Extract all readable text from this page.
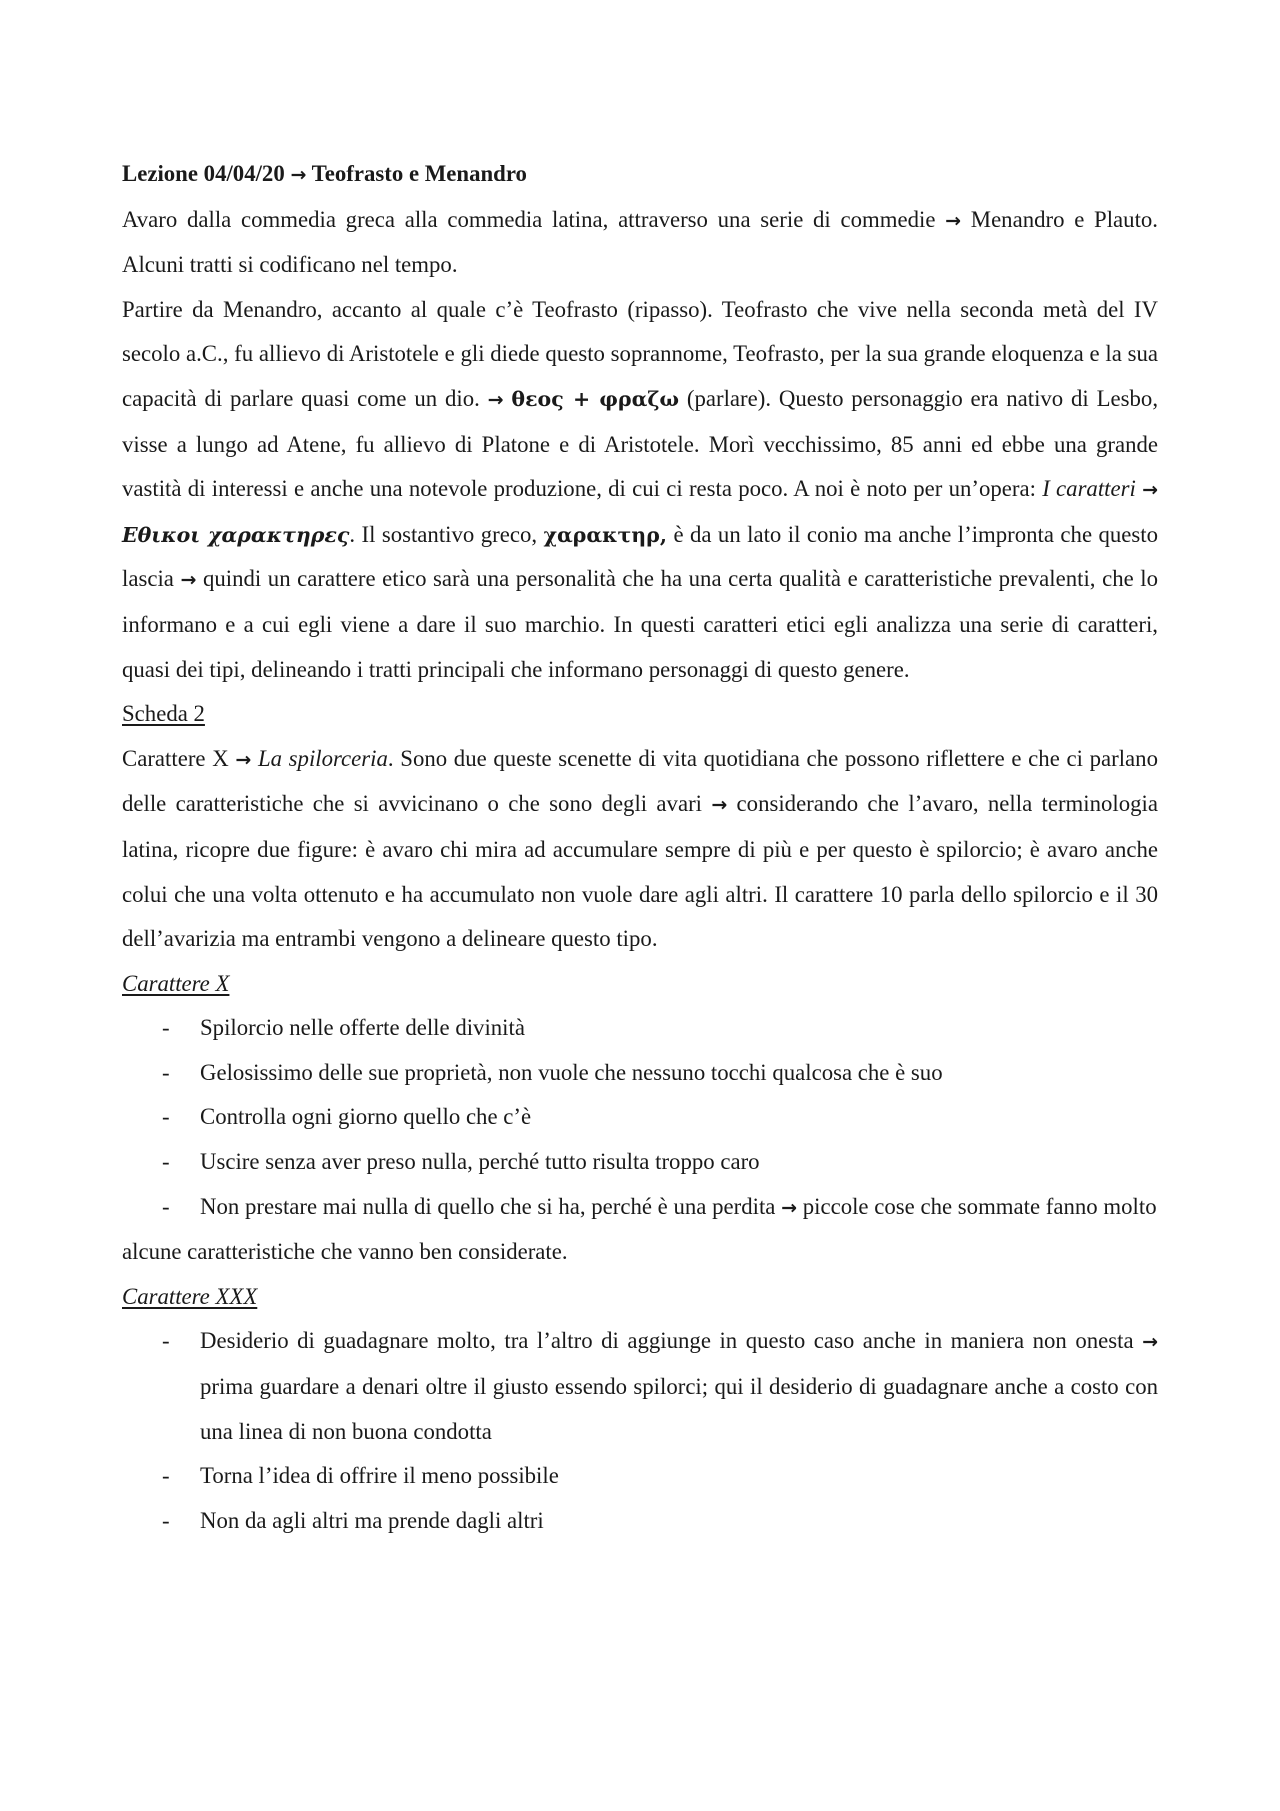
Lezione 04/04/20 → Teofrasto e Menandro

Avaro dalla commedia greca alla commedia latina, attraverso una serie di commedie → Menandro e Plauto. Alcuni tratti si codificano nel tempo.

Partire da Menandro, accanto al quale c’è Teofrasto (ripasso). Teofrasto che vive nella seconda metà del IV secolo a.C., fu allievo di Aristotele e gli diede questo soprannome, Teofrasto, per la sua grande eloquenza e la sua capacità di parlare quasi come un dio. → θεος + φραζω (parlare). Questo personaggio era nativo di Lesbo, visse a lungo ad Atene, fu allievo di Platone e di Aristotele. Morì vecchissimo, 85 anni ed ebbe una grande vastità di interessi e anche una notevole produzione, di cui ci resta poco. A noi è noto per un’opera: I caratteri → Εθικοι χαρακτηρες. Il sostantivo greco, χαρακτηρ, è da un lato il conio ma anche l’impronta che questo lascia → quindi un carattere etico sarà una personalità che ha una certa qualità e caratteristiche prevalenti, che lo informano e a cui egli viene a dare il suo marchio. In questi caratteri etici egli analizza una serie di caratteri, quasi dei tipi, delineando i tratti principali che informano personaggi di questo genere.

Scheda 2

Carattere X → La spilorceria. Sono due queste scenette di vita quotidiana che possono riflettere e che ci parlano delle caratteristiche che si avvicinano o che sono degli avari → considerando che l’avaro, nella terminologia latina, ricopre due figure: è avaro chi mira ad accumulare sempre di più e per questo è spilorcio; è avaro anche colui che una volta ottenuto e ha accumulato non vuole dare agli altri. Il carattere 10 parla dello spilorcio e il 30 dell’avarizia ma entrambi vengono a delineare questo tipo.

Carattere X

- Spilorcio nelle offerte delle divinità
- Gelosissimo delle sue proprietà, non vuole che nessuno tocchi qualcosa che è suo
- Controlla ogni giorno quello che c’è
- Uscire senza aver preso nulla, perché tutto risulta troppo caro
- Non prestare mai nulla di quello che si ha, perché è una perdita → piccole cose che sommate fanno molto

alcune caratteristiche che vanno ben considerate.

Carattere XXX

- Desiderio di guadagnare molto, tra l’altro di aggiunge in questo caso anche in maniera non onesta → prima guardare a denari oltre il giusto essendo spilorci; qui il desiderio di guadagnare anche a costo con una linea di non buona condotta
- Torna l’idea di offrire il meno possibile
- Non da agli altri ma prende dagli altri
